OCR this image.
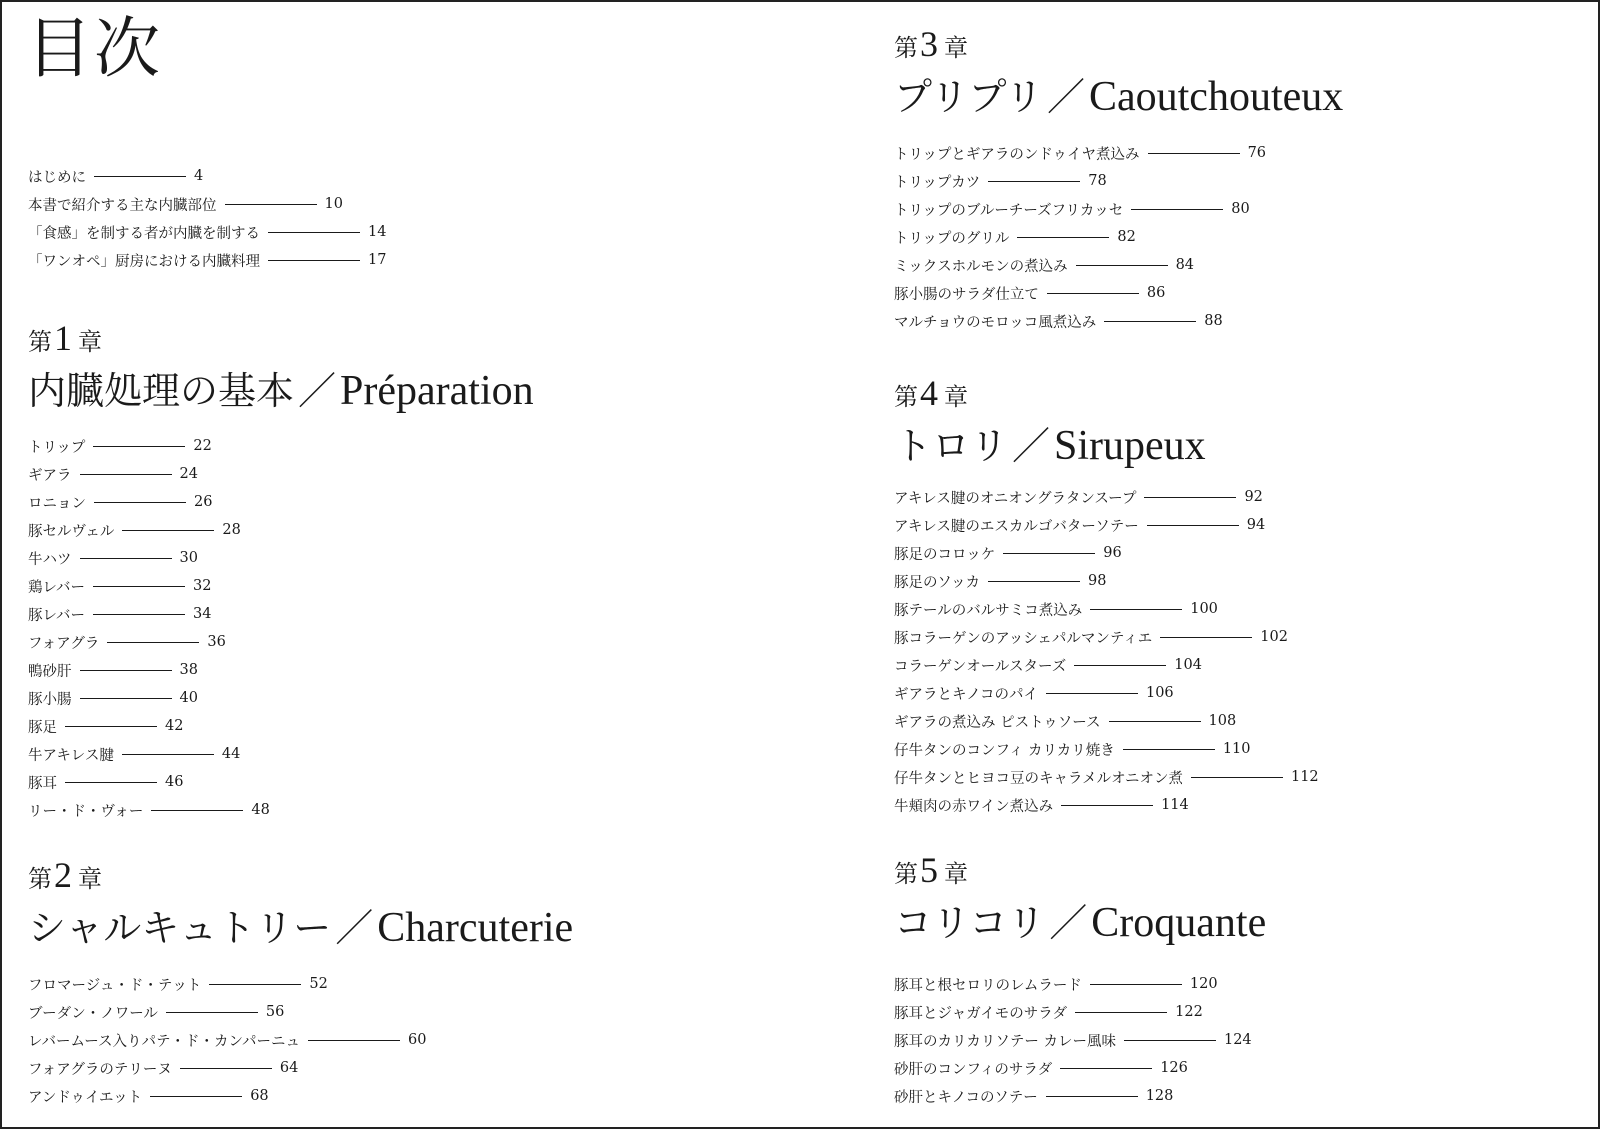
目次
はじめに	4
本書で紹介する主な内臓部位	10
「食感」を制する者が内臓を制する	14
「ワンオペ」厨房における内臓料理	17
第 1 章
内臓処理の基本 ／Préparation
トリップ	22
ギアラ	24
ロニョン	26
豚セルヴェル	28
牛ハツ	30
鶏レバー	32
豚レバー	34
フォアグラ	36
鴨砂肝	38
豚小腸	40
豚足	42
牛アキレス腱	44
豚耳	46
リー・ド・ヴォー	48
第 2 章
シャルキュトリー ／Charcuterie
フロマージュ・ド・テット	52
ブーダン・ノワール	56
レバームース入りパテ・ド・カンパーニュ	60
フォアグラのテリーヌ	64
アンドゥイエット	68
第 3 章
プリプリ ／Caoutchouteux
トリップとギアラのンドゥイヤ煮込み	76
トリップカツ	78
トリップのブルーチーズフリカッセ	80
トリップのグリル	82
ミックスホルモンの煮込み	84
豚小腸のサラダ仕立て	86
マルチョウのモロッコ風煮込み	88
第 4 章
トロリ ／Sirupeux
アキレス腱のオニオングラタンスープ	92
アキレス腱のエスカルゴバターソテー	94
豚足のコロッケ	96
豚足のソッカ	98
豚テールのバルサミコ煮込み	100
豚コラーゲンのアッシェパルマンティエ	102
コラーゲンオールスターズ	104
ギアラとキノコのパイ	106
ギアラの煮込み ピストゥソース	108
仔牛タンのコンフィ カリカリ焼き	110
仔牛タンとヒヨコ豆のキャラメルオニオン煮	112
牛頬肉の赤ワイン煮込み	114
第 5 章
コリコリ ／Croquante
豚耳と根セロリのレムラード	120
豚耳とジャガイモのサラダ	122
豚耳のカリカリソテー カレー風味	124
砂肝のコンフィのサラダ	126
砂肝とキノコのソテー	128
